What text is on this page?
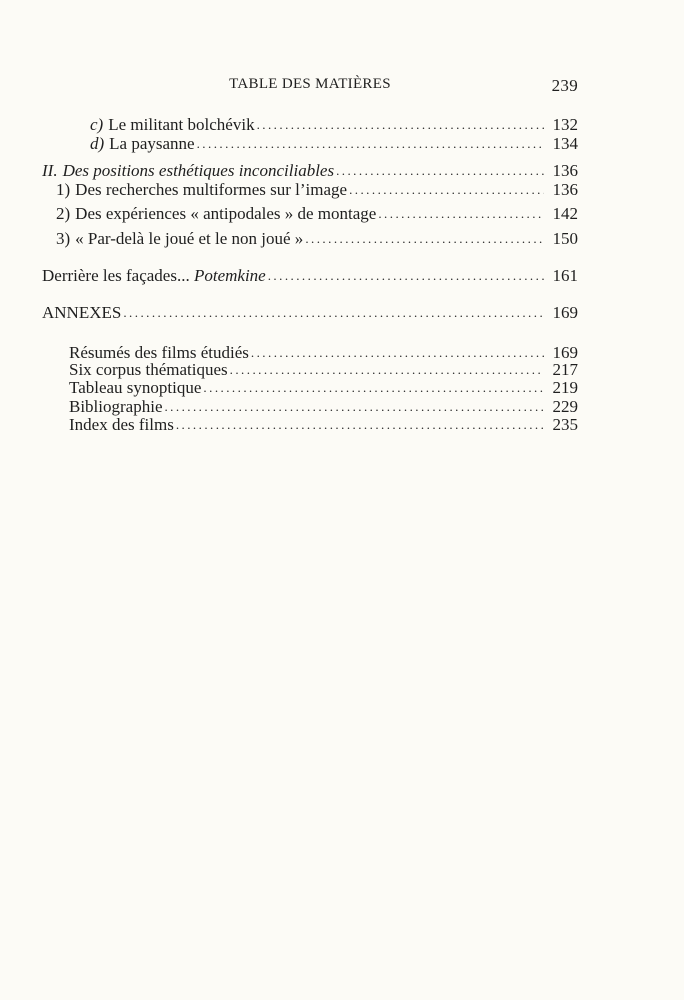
TABLE DES MATIÈRES	239
c) Le militant bolchévik . . .	132
d) La paysanne . . .	134
II. Des positions esthétiques inconciliables . . .	136
1) Des recherches multiformes sur l’image . . .	136
2) Des expériences « antipodales » de montage . . .	142
3) « Par-delà le joué et le non joué » . . .	150
Derrière les façades... Potemkine . . .	161
ANNEXES . . .	169
Résumés des films étudiés . . .	169
Six corpus thématiques . . .	217
Tableau synoptique . . .	219
Bibliographie . . .	229
Index des films . . .	235
